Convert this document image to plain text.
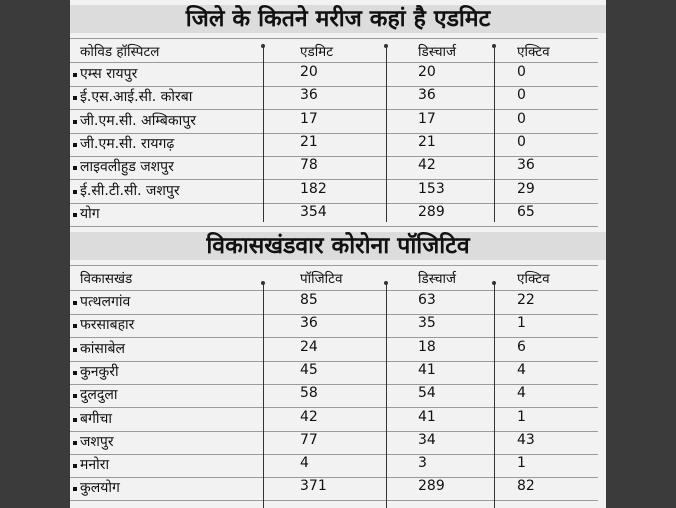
जिले के कितने मरीज कहां है एडमिट
कोविड हॉस्पिटल	एडमिट	डिस्चार्ज	एक्टिव
एम्स रायपुर	20	20	0
ई.एस.आई.सी. कोरबा	36	36	0
जी.एम.सी. अम्बिकापुर	17	17	0
जी.एम.सी. रायगढ़	21	21	0
लाइवलीहुड जशपुर	78	42	36
ई.सी.टी.सी. जशपुर	182	153	29
योग	354	289	65
विकासखंडवार कोरोना पॉजिटिव
विकासखंड	पॉजिटिव	डिस्चार्ज	एक्टिव
पत्थलगांव	85	63	22
फरसाबहार	36	35	1
कांसाबेल	24	18	6
कुनकुरी	45	41	4
दुलदुला	58	54	4
बगीचा	42	41	1
जशपुर	77	34	43
मनोरा	4	3	1
कुलयोग	371	289	82
